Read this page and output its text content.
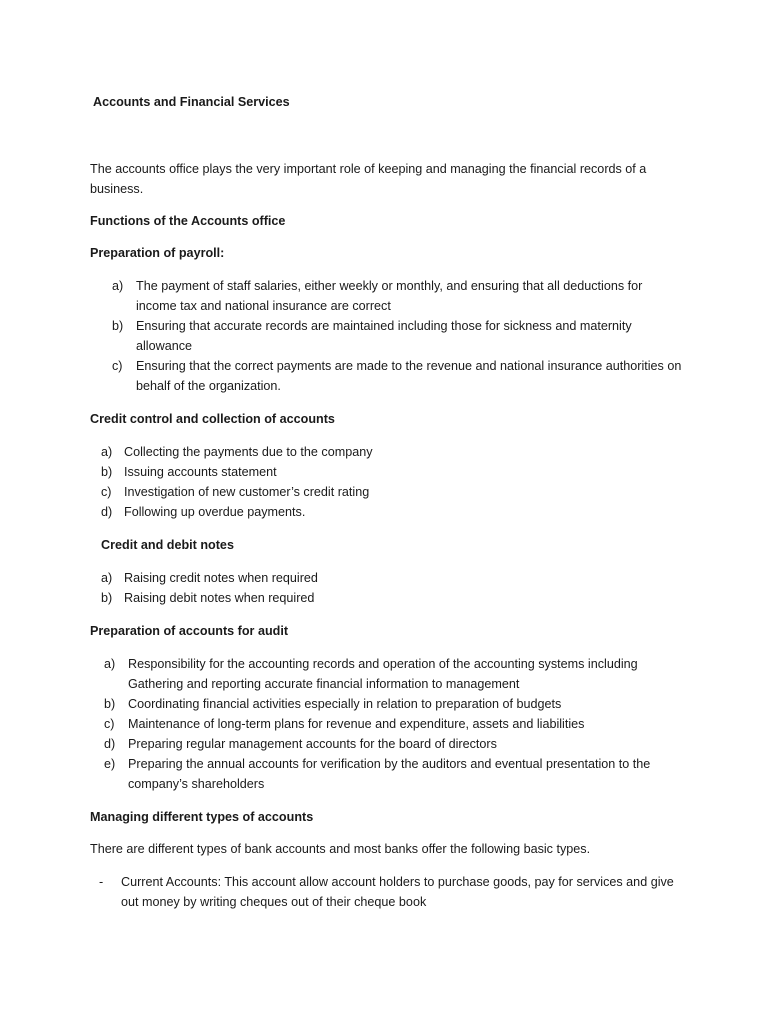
Accounts and Financial Services

The accounts office plays the very important role of keeping and managing the financial records of a business.

Functions of the Accounts office

Preparation of payroll:

a) The payment of staff salaries, either weekly or monthly, and ensuring that all deductions for income tax and national insurance are correct
b) Ensuring that accurate records are maintained including those for sickness and maternity allowance
c) Ensuring that the correct payments are made to the revenue and national insurance authorities on behalf of the organization.

Credit control and collection of accounts

a) Collecting the payments due to the company
b) Issuing accounts statement
c) Investigation of new customer’s credit rating
d) Following up overdue payments.

Credit and debit notes

a) Raising credit notes when required
b) Raising debit notes when required

Preparation of accounts for audit

a) Responsibility for the accounting records and operation of the accounting systems including Gathering and reporting accurate financial information to management
b) Coordinating financial activities especially in relation to preparation of budgets
c) Maintenance of long-term plans for revenue and expenditure, assets and liabilities
d) Preparing regular management accounts for the board of directors
e) Preparing the annual accounts for verification by the auditors and eventual presentation to the company’s shareholders

Managing different types of accounts

There are different types of bank accounts and most banks offer the following basic types.

- Current Accounts: This account allow account holders to purchase goods, pay for services and give out money by writing cheques out of their cheque book
